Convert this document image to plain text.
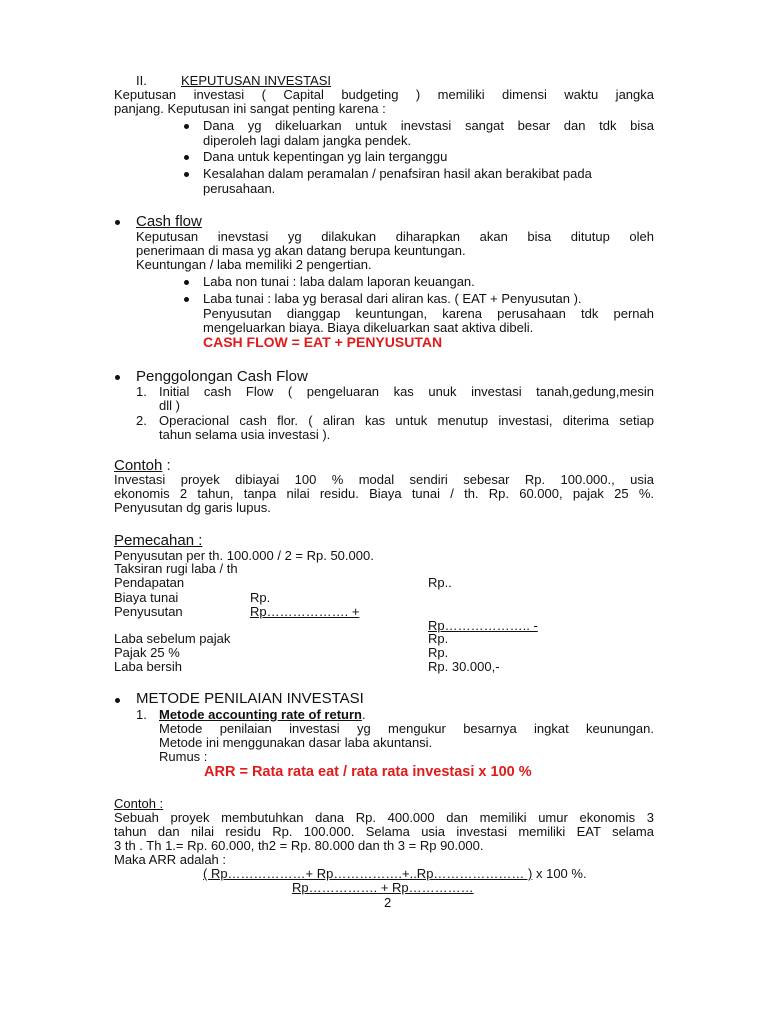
II.	KEPUTUSAN INVESTASI
Keputusan investasi ( Capital budgeting ) memiliki dimensi waktu jangka
panjang. Keputusan ini sangat penting karena :
Dana yg dikeluarkan untuk inevstasi sangat besar dan tdk bisa
diperoleh lagi dalam jangka pendek.
Dana untuk kepentingan yg lain terganggu
Kesalahan dalam peramalan / penafsiran hasil akan berakibat pada
perusahaan.
Cash flow
Keputusan inevstasi yg dilakukan diharapkan akan bisa ditutup oleh
penerimaan di masa yg akan datang berupa keuntungan.
Keuntungan / laba memiliki 2 pengertian.
Laba non tunai : laba dalam laporan keuangan.
Laba tunai : laba yg berasal dari aliran kas. ( EAT + Penyusutan ).
Penyusutan dianggap keuntungan, karena perusahaan tdk pernah
mengeluarkan biaya. Biaya dikeluarkan saat aktiva dibeli.
CASH FLOW = EAT + PENYUSUTAN
Penggolongan Cash Flow
1. Initial cash Flow ( pengeluaran kas unuk investasi tanah,gedung,mesin
dll )
2. Operacional cash flor. ( aliran kas untuk menutup investasi, diterima setiap
tahun selama usia investasi ).
Contoh :
Investasi proyek dibiayai 100 % modal sendiri sebesar Rp. 100.000., usia
ekonomis 2 tahun, tanpa nilai residu. Biaya tunai / th. Rp. 60.000, pajak 25 %.
Penyusutan dg garis lupus.
Pemecahan :
Penyusutan per th. 100.000 / 2 = Rp. 50.000.
Taksiran rugi laba / th
Pendapatan	Rp..
Biaya tunai	Rp.
Penyusutan	Rp………………. +
Rp……………….. -
Laba sebelum pajak	Rp.
Pajak 25 %	Rp.
Laba bersih	Rp. 30.000,-
METODE PENILAIAN INVESTASI
1. Metode accounting rate of return.
Metode penilaian investasi yg mengukur besarnya ingkat keunungan.
Metode ini menggunakan dasar laba akuntansi.
Rumus :
ARR = Rata rata eat / rata rata investasi x 100 %
Contoh :
Sebuah proyek membutuhkan dana Rp. 400.000 dan memiliki umur ekonomis 3
tahun dan nilai residu Rp. 100.000. Selama usia investasi memiliki EAT selama
3 th . Th 1.= Rp. 60.000, th2 = Rp. 80.000 dan th 3 = Rp 90.000.
Maka ARR adalah :
( Rp………………+ Rp…………….+..Rp………………… ) x 100 %.
Rp……………. + Rp……………
2
